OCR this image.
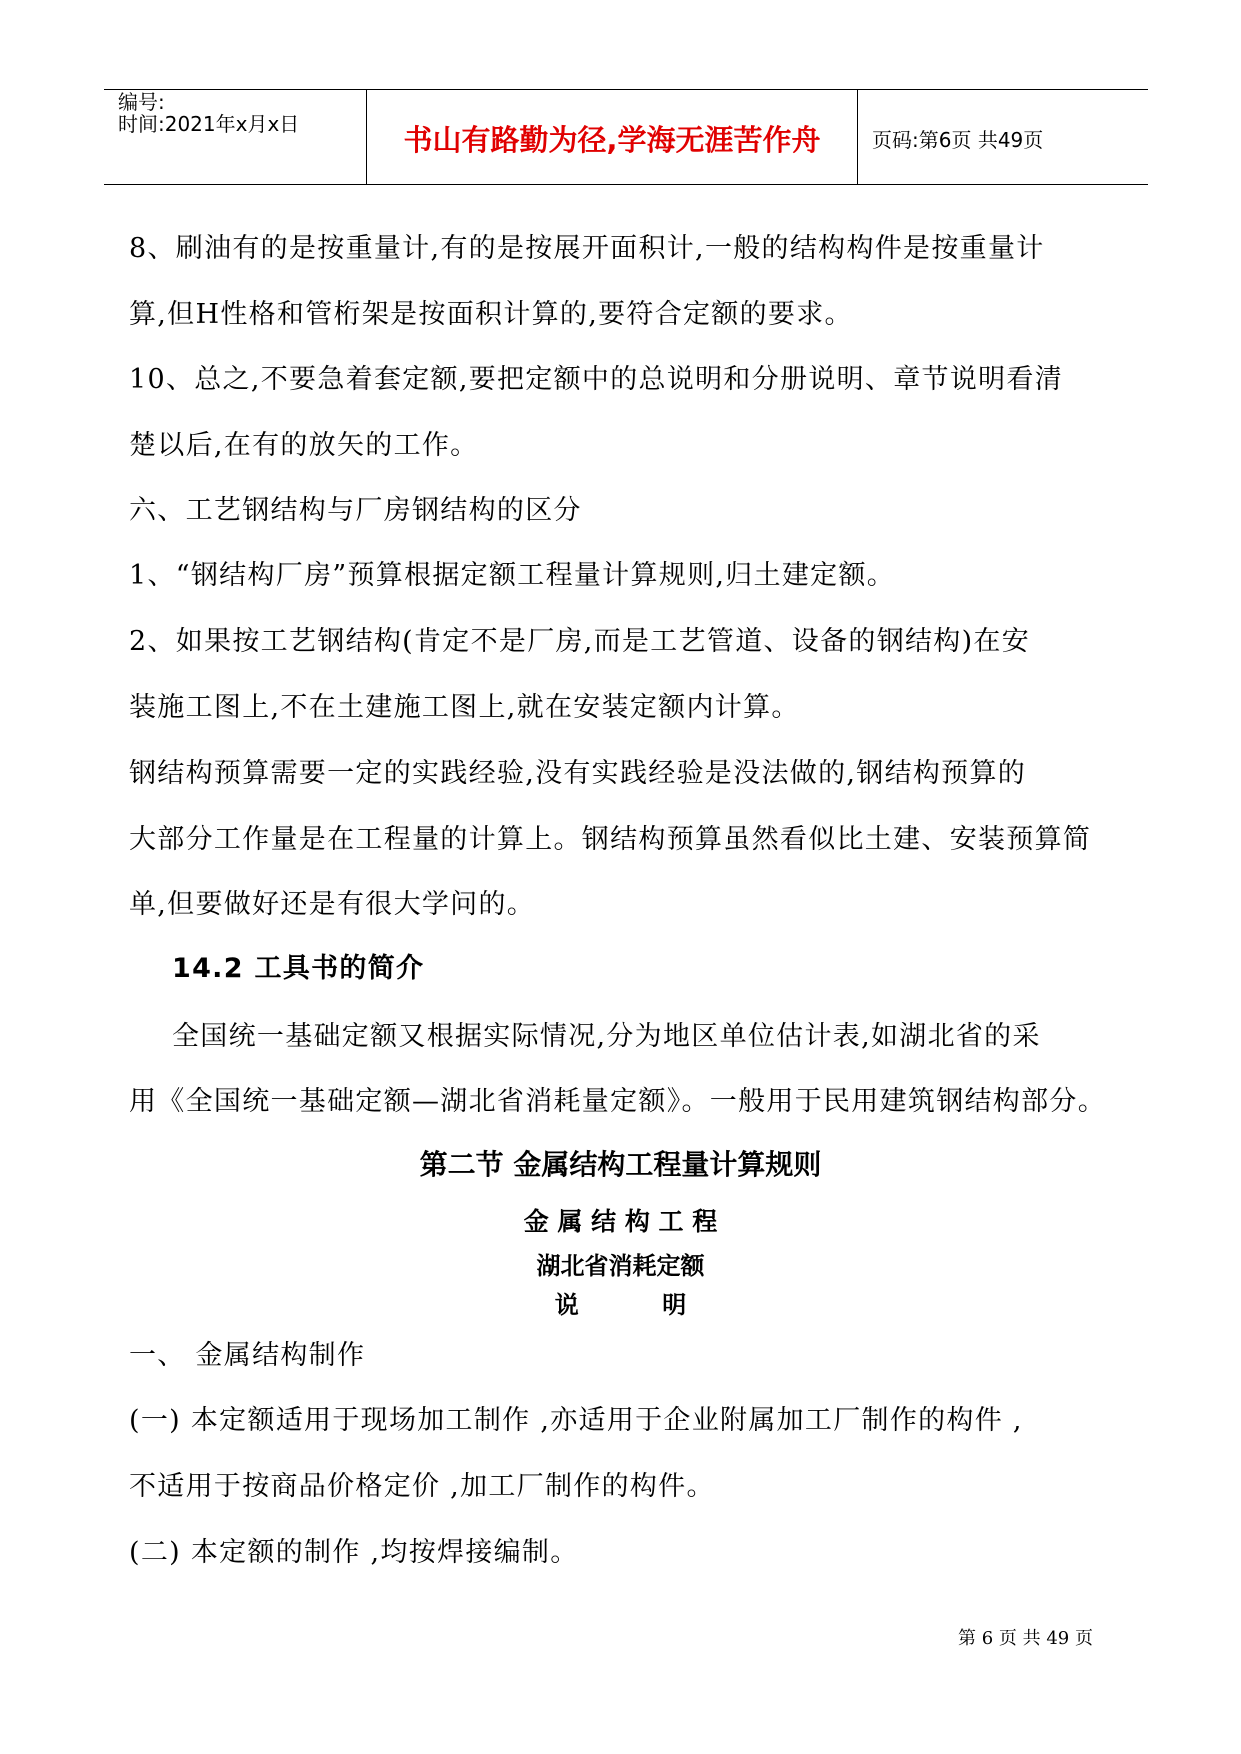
编号:
时间:2021年x月x日	书山有路勤为径,学海无涯苦作舟	页码:第6页 共49页
8、刷油有的是按重量计,有的是按展开面积计,一般的结构构件是按重量计
算,但H性格和管桁架是按面积计算的,要符合定额的要求。
10、总之,不要急着套定额,要把定额中的总说明和分册说明、章节说明看清
楚以后,在有的放矢的工作。
六、工艺钢结构与厂房钢结构的区分
1、“钢结构厂房”预算根据定额工程量计算规则,归土建定额。
2、如果按工艺钢结构(肯定不是厂房,而是工艺管道、设备的钢结构)在安
装施工图上,不在土建施工图上,就在安装定额内计算。
钢结构预算需要一定的实践经验,没有实践经验是没法做的,钢结构预算的
大部分工作量是在工程量的计算上。钢结构预算虽然看似比土建、安装预算简
单,但要做好还是有很大学问的。
14.2 工具书的简介
全国统一基础定额又根据实际情况,分为地区单位估计表,如湖北省的采
用《全国统一基础定额—湖北省消耗量定额》。一般用于民用建筑钢结构部分。
第二节 金属结构工程量计算规则
金 属 结 构 工 程
湖北省消耗定额
说          明
一、 金属结构制作
(一) 本定额适用于现场加工制作 ,亦适用于企业附属加工厂制作的构件 ,
不适用于按商品价格定价 ,加工厂制作的构件。
(二) 本定额的制作 ,均按焊接编制。
第 6 页 共 49 页
